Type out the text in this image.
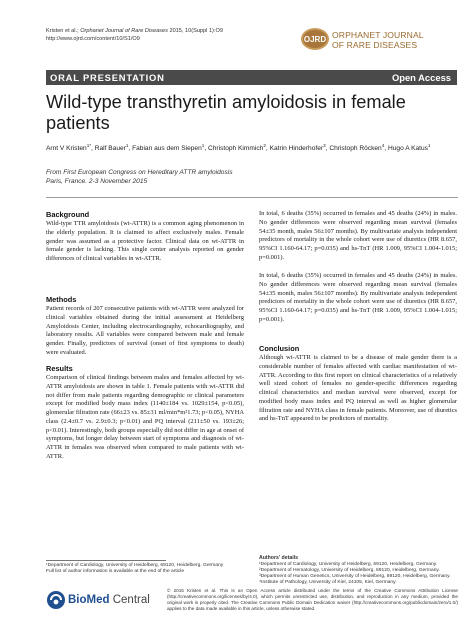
Kristen et al.; Orphanet Journal of Rare Diseases 2015, 10(Suppl 1):O9
http://www.ojrd.com/content/10/S1/O9	OJRD ORPHANET JOURNAL
OF RARE DISEASES
ORAL PRESENTATION	Open Access
Wild-type transthyretin amyloidosis in female patients
Arnt V Kristen$^{1*}$, Ralf Bauer$^1$, Fabian aus dem Siepen$^1$, Christoph Kimmich$^2$, Katrin Hinderhofer$^3$, Christoph Röcken$^4$, Hugo A Katus$^1$
From First European Congress on Hereditary ATTR amyloidosis
Paris, France. 2-3 November 2015
Background

Wild-type TTR amyloidosis (wt-ATTR) is a common aging phenomenon in the elderly population. It is claimed to affect exclusively males. Female gender was assumed as a protective factor. Clinical data on wt-ATTR in female gender is lacking. This single center analysis reported on gender differences of clinical variables in wt-ATTR.

Methods

Patient records of 207 consecutive patients with wt-ATTR were analyzed for clinical variables obtained during the initial assessment at Heidelberg Amyloidosis Center, including electrocardiography, echocardiography, and laboratory results. All variables were compared between male and female gender. Finally, predictors of survival (onset of first symptoms to death) were evaluated.

Results

Comparison of clinical findings between males and females affected by wt-ATTR amyloidosis are shown in table 1. Female patients with wt-ATTR did not differ from male patients regarding demographic or clinical parameters except for modified body mass index (1140±184 vs. 1029±154, p<0.05), glomerular filtration rate (66±23 vs. 85±31 ml/min*m²1.73; p<0.05), NYHA class (2.4±0.7 vs. 2.9±0.3; p<0.01) and PQ interval (211±50 vs. 193±26; p<0.01). Interestingly, both groups especially did not differ in age at onset of symptoms, but longer delay between start of symptoms and diagnosis of wt-ATTR in females was observed when compared to male patients with wt-ATTR.

In total, 6 deaths (35%) occurred in females and 45 deaths (24%) in males. No gender differences were observed regarding mean survival (females 54±35 month, males 56±107 months). By multivariate analysis independent predictors of mortality in the whole cohort were use of diuretics (HR 8.657, 95%CI 1.160-64.17; p=0.035) and hs-TnT (HR 1.009, 95%CI 1.004-1.015; p=0.001).

In total, 6 deaths (35%) occurred in females and 45 deaths (24%) in males. No gender differences were observed regarding mean survival (females 54±35 month, males 56±107 months). By multivariate analysis independent predictors of mortality in the whole cohort were use of diuretics (HR 8.657, 95%CI 1.160-64.17; p=0.035) and hs-TnT (HR 1.009, 95%CI 1.004-1.015; p=0.001).

Conclusion

Although wt-ATTR is claimed to be a disease of male gender there is a considerable number of females affected with cardiac manifestation of wt-ATTR. According to this first report on clinical characteristics of a relatively well sized cohort of females no gender-specific differences regarding clinical characteristics and median survival were observed, except for modified body mass index and PQ interval as well as higher glomerular filtration rate and NYHA class in female patients. Moreover, use of diuretics and hs-TnT appeared to be predictors of mortality.

Authors' details
¹Department of Cardiology, University of Heidelberg, 69120, Heidelberg, Germany. ²Department of Hematology, University of Heidelberg, 69120, Heidelberg, Germany. ³Department of Human Genetics, University of Heidelberg, 69120, Heidelberg, Germany. ⁴Institute of Pathology, University of Kiel, 24105, Kiel, Germany.
¹Department of Cardiology, University of Heidelberg, 69120, Heidelberg, Germany
Full list of author information is available at the end of the article
BioMed Central
© 2015 Kristen et al. This is an Open Access article distributed under the terms of the Creative Commons Attribution License (http://creativecommons.org/licenses/by/4.0), which permits unrestricted use, distribution, and reproduction in any medium, provided the original work is properly cited. The Creative Commons Public Domain Dedication waiver (http://creativecommons.org/publicdomain/zero/1.0/) applies to the data made available in this article, unless otherwise stated.
